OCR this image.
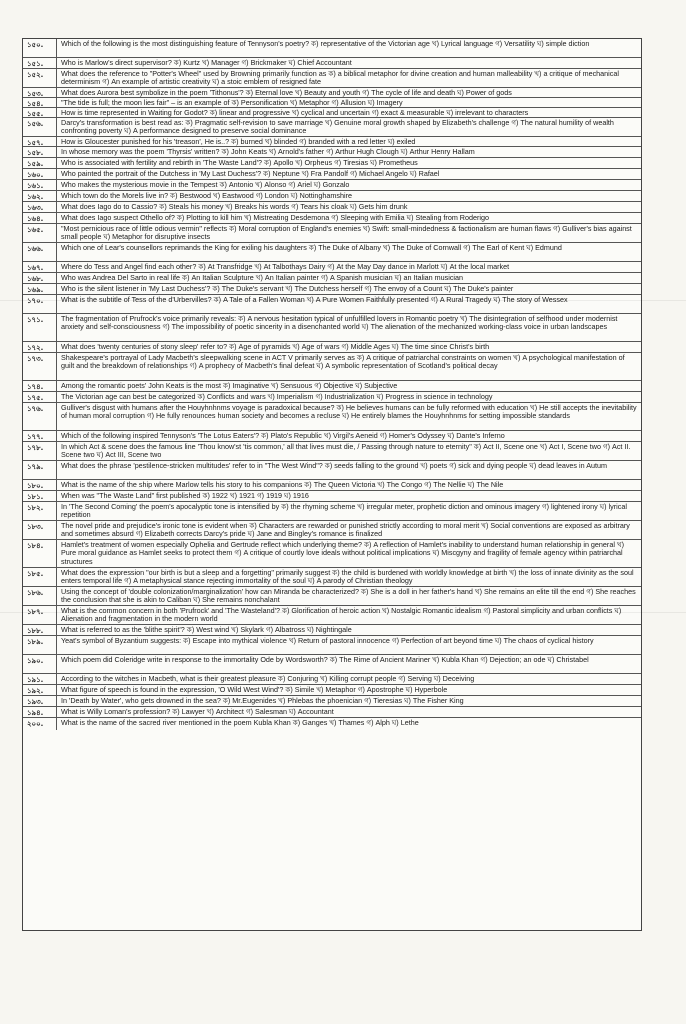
১৫০.	Which of the following is the most distinguishing feature of Tennyson's poetry? ক) representative of the Victorian age খ) Lyrical language গ) Versatility ঘ) simple diction
১৫১.	Who is Marlow's direct supervisor? ক) Kurtz খ) Manager গ) Brickmaker ঘ) Chief Accountant
১৫২.	What does the reference to "Potter's Wheel" used by Browning primarily function as ক) a biblical metaphor for divine creation and human malleability খ) a critique of mechanical determinism গ) An example of artistic creativity ঘ) a stoic emblem of resigned fate
১৫৩.	What does Aurora best symbolize in the poem 'Tithonus'? ক) Eternal love খ) Beauty and youth গ) The cycle of life and death ঘ) Power of gods
১৫৪.	"The tide is full; the moon lies fair" – is an example of ক) Personification খ) Metaphor গ) Allusion ঘ) Imagery
১৫৫.	How is time represented in Waiting for Godot? ক) linear and progressive খ) cyclical and uncertain গ) exact & measurable ঘ) irrelevant to characters
১৫৬.	Darcy's transformation is best read as: ক) Pragmatic self-revision to save marriage খ) Genuine moral growth shaped by Elizabeth's challenge গ) The natural humility of wealth confronting poverty ঘ) A performance designed to preserve social dominance
১৫৭.	How is Gloucester punished for his 'treason', He is..? ক) burned খ) blinded গ) branded with a red letter ঘ) exiled
১৫৮.	In whose memory was the poem 'Thyrsis' written? ক) John Keats খ) Arnold's father গ) Arthur Hugh Clough ঘ) Arthur Henry Hallam
১৫৯.	Who is associated with fertility and rebirth in 'The Waste Land'? ক) Apollo খ) Orpheus গ) Tiresias ঘ) Prometheus
১৬০.	Who painted the portrait of the Dutchess in 'My Last Duchess'? ক) Neptune খ) Fra Pandolf গ) Michael Angelo ঘ) Rafael
১৬১.	Who makes the mysterious movie in the Tempest ক) Antonio খ) Alonso গ) Ariel ঘ) Gonzalo
১৬২.	Which town do the Morels live in? ক) Bestwood খ) Eastwood গ) London ঘ) Nottinghamshire
১৬৩.	What does Iago do to Cassio? ক) Steals his money খ) Breaks his words গ) Tears his cloak ঘ) Gets him drunk
১৬৪.	What does Iago suspect Othello of? ক) Plotting to kill him খ) Mistreating Desdemona গ) Sleeping with Emilia ঘ) Stealing from Roderigo
১৬৫.	"Most pernicious race of little odious vermin" reflects ক) Moral corruption of England's enemies খ) Swift: small-mindedness & factionalism are human flaws গ) Gulliver's bias against small people ঘ) Metaphor for disruptive insects
১৬৬.	Which one of Lear's counsellors reprimands the King for exiling his daughters ক) The Duke of Albany খ) The Duke of Cornwall গ) The Earl of Kent ঘ) Edmund
১৬৭.	Where do Tess and Angel find each other? ক) At Transfridge খ) At Talbothays Dairy গ) At the May Day dance in Marlott ঘ) At the local market
১৬৮.	Who was Andrea Del Sarto in real life ক) An Italian Sculpture খ) An Italian painter গ) A Spanish musician ঘ) an Italian musician
১৬৯.	Who is the silent listener in 'My Last Duchess'? ক) The Duke's servant খ) The Dutchess herself গ) The envoy of a Count ঘ) The Duke's painter
১৭০.	What is the subtitle of Tess of the d'Urbervilles? ক) A Tale of a Fallen Woman খ) A Pure Women Faithfully presented গ) A Rural Tragedy ঘ) The story of Wessex
১৭১.	The fragmentation of Prufrock's voice primarily reveals: ক) A nervous hesitation typical of unfulfilled lovers in Romantic poetry খ) The disintegration of selfhood under modernist anxiety and self-consciousness গ) The impossibility of poetic sincerity in a disenchanted world ঘ) The alienation of the mechanized working-class voice in urban landscapes
১৭২.	What does 'twenty centuries of stony sleep' refer to? ক) Age of pyramids খ) Age of wars গ) Middle Ages ঘ) The time since Christ's birth
১৭৩.	Shakespeare's portrayal of Lady Macbeth's sleepwalking scene in ACT V primarily serves as ক) A critique of patriarchal constraints on women খ) A psychological manifestation of guilt and the breakdown of relationships গ) A prophecy of Macbeth's final defeat ঘ) A symbolic representation of Scotland's political decay
১৭৪.	Among the romantic poets' John Keats is the most ক) Imaginative খ) Sensuous গ) Objective ঘ) Subjective
১৭৫.	The Victorian age can best be categorized ক) Conflicts and wars খ) Imperialism গ) Industrialization ঘ) Progress in science in technology
১৭৬.	Gulliver's disgust with humans after the Houyhnhnms voyage is paradoxical because? ক) He believes humans can be fully reformed with education খ) He still accepts the inevitability of human moral corruption গ) He fully renounces human society and becomes a recluse ঘ) He entirely blames the Houyhnhnms for setting impossible standards
১৭৭.	Which of the following inspired Tennyson's 'The Lotus Eaters'? ক) Plato's Republic খ) Virgil's Aeneid গ) Homer's Odyssey ঘ) Dante's Inferno
১৭৮.	In which Act & scene does the famous line 'Thou know'st 'tis common,' all that lives must die, / Passing through nature to eternity" ক) Act II, Scene one খ) Act I, Scene two গ) Act II. Scene two ঘ) Act III, Scene two
১৭৯.	What does the phrase 'pestilence-stricken multitudes' refer to in "The West Wind"? ক) seeds falling to the ground খ) poets গ) sick and dying people ঘ) dead leaves in Autum
১৮০.	What is the name of the ship where Marlow tells his story to his companions ক) The Queen Victoria খ) The Congo গ) The Nellie ঘ) The Nile
১৮১.	When was "The Waste Land" first published ক) 1922 খ) 1921 গ) 1919 ঘ) 1916
১৮২.	In 'The Second Coming' the poem's apocalyptic tone is intensified by ক) the rhyming scheme খ) irregular meter, prophetic diction and ominous imagery গ) lightened irony ঘ) lyrical repetition
১৮৩.	The novel pride and prejudice's ironic tone is evident when ক) Characters are rewarded or punished strictly according to moral merit খ) Social conventions are exposed as arbitrary and sometimes absurd গ) Elizabeth corrects Darcy's pride ঘ) Jane and Bingley's romance is finalized
১৮৪.	Hamlet's treatment of women especially Ophelia and Gertrude reflect which underlying theme? ক) A reflection of Hamlet's inability to understand human relationship in general খ) Pure moral guidance as Hamlet seeks to protect them গ) A critique of courtly love ideals without political implications ঘ) Miscgyny and fragility of female agency within patriarchal structures
১৮৫.	What does the expression "our birth is but a sleep and a forgetting" primarily suggest ক) the child is burdened with worldly knowledge at birth খ) the loss of innate divinity as the soul enters temporal life গ) A metaphysical stance rejecting immortality of the soul ঘ) A parody of Christian theology
১৮৬.	Using the concept of 'double colonization/marginalization' how can Miranda be characterized? ক) She is a doll in her father's hand খ) She remains an elite till the end গ) She reaches the conclusion that she is akin to Caliban ঘ) She remains nonchalant
১৮৭.	What is the common concern in both 'Prufrock' and 'The Wasteland'? ক) Glorification of heroic action খ) Nostalgic Romantic idealism গ) Pastoral simplicity and urban conflicts ঘ) Alienation and fragmentation in the modern world
১৮৮.	What is referred to as the 'blithe spirit'? ক) West wind খ) Skylark গ) Albatross ঘ) Nightingale
১৮৯.	Yeat's symbol of Byzantium suggests: ক) Escape into mythical violence খ) Return of pastoral innocence গ) Perfection of art beyond time ঘ) The chaos of cyclical history
১৯০.	Which poem did Coleridge write in response to the immortality Ode by Wordsworth? ক) The Rime of Ancient Mariner খ) Kubla Khan গ) Dejection; an ode ঘ) Christabel
১৯১.	According to the witches in Macbeth, what is their greatest pleasure ক) Conjuring খ) Killing corrupt people গ) Serving ঘ) Deceiving
১৯২.	What figure of speech is found in the expression, 'O Wild West Wind'? ক) Simile খ) Metaphor গ) Apostrophe ঘ) Hyperbole
১৯৩.	In 'Death by Water', who gets drowned in the sea? ক) Mr.Eugenides খ) Phlebas the phoenician গ) Tieresias ঘ) The Fisher King
১৯৪.	What is Willy Loman's profession? ক) Lawyer খ) Architect গ) Salesman ঘ) Accountant
২০০.	What is the name of the sacred river mentioned in the poem Kubla Khan ক) Ganges খ) Thames গ) Alph ঘ) Lethe
